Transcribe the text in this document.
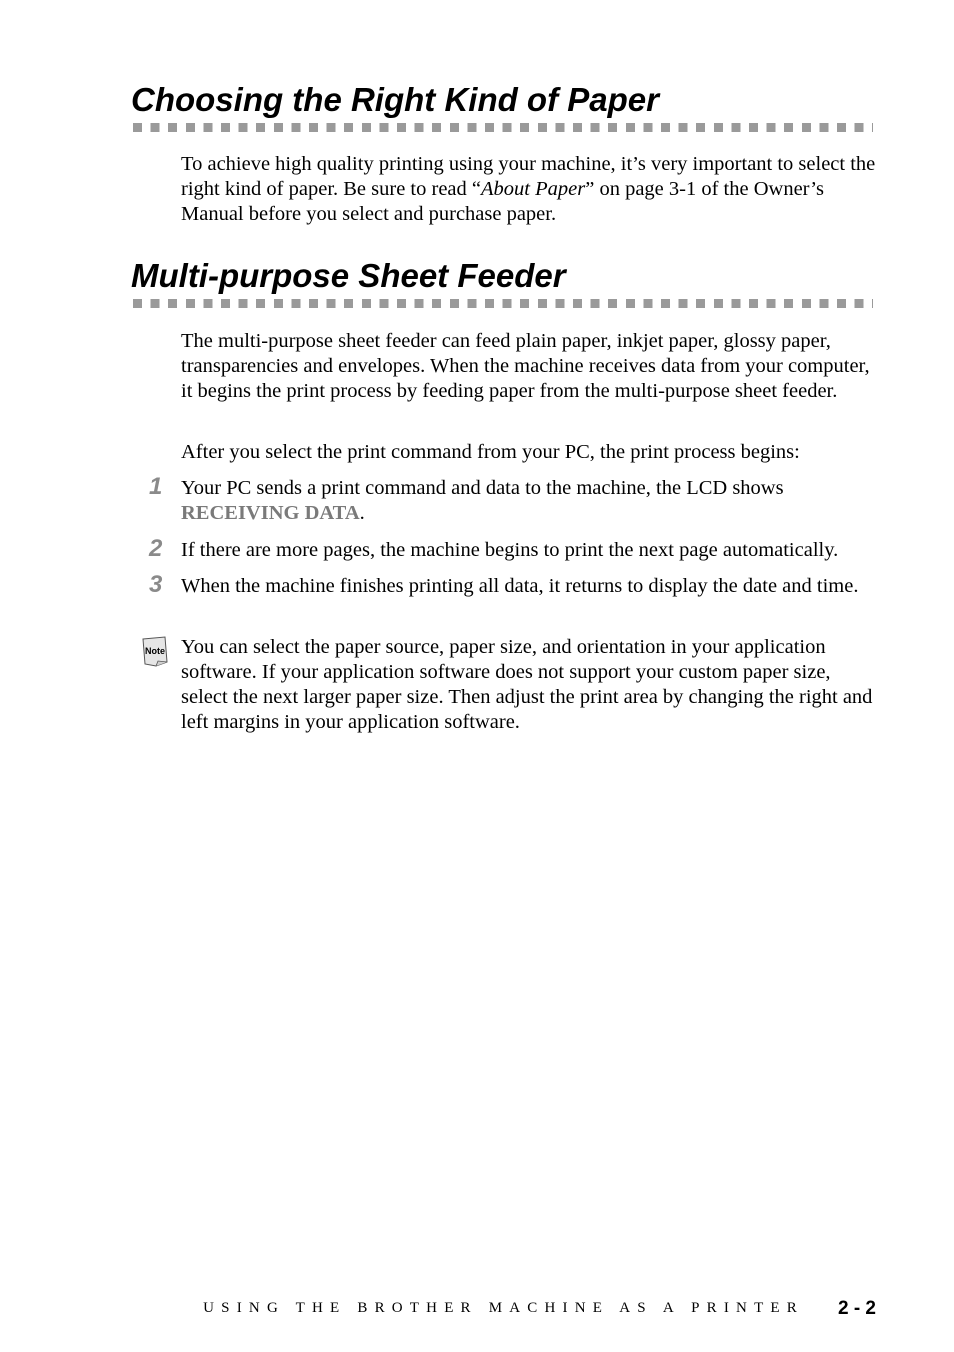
Choosing the Right Kind of Paper

To achieve high quality printing using your machine, it’s very important to select the right kind of paper. Be sure to read “About Paper” on page 3-1 of the Owner’s Manual before you select and purchase paper.

Multi-purpose Sheet Feeder

The multi-purpose sheet feeder can feed plain paper, inkjet paper, glossy paper, transparencies and envelopes. When the machine receives data from your computer, it begins the print process by feeding paper from the multi-purpose sheet feeder.

After you select the print command from your PC, the print process begins:

1 Your PC sends a print command and data to the machine, the LCD shows RECEIVING DATA.

2 If there are more pages, the machine begins to print the next page automatically.

3 When the machine finishes printing all data, it returns to display the date and time.

Note You can select the paper source, paper size, and orientation in your application software. If your application software does not support your custom paper size, select the next larger paper size. Then adjust the print area by changing the right and left margins in your application software.

USING THE BROTHER MACHINE AS A PRINTER 2 - 2
